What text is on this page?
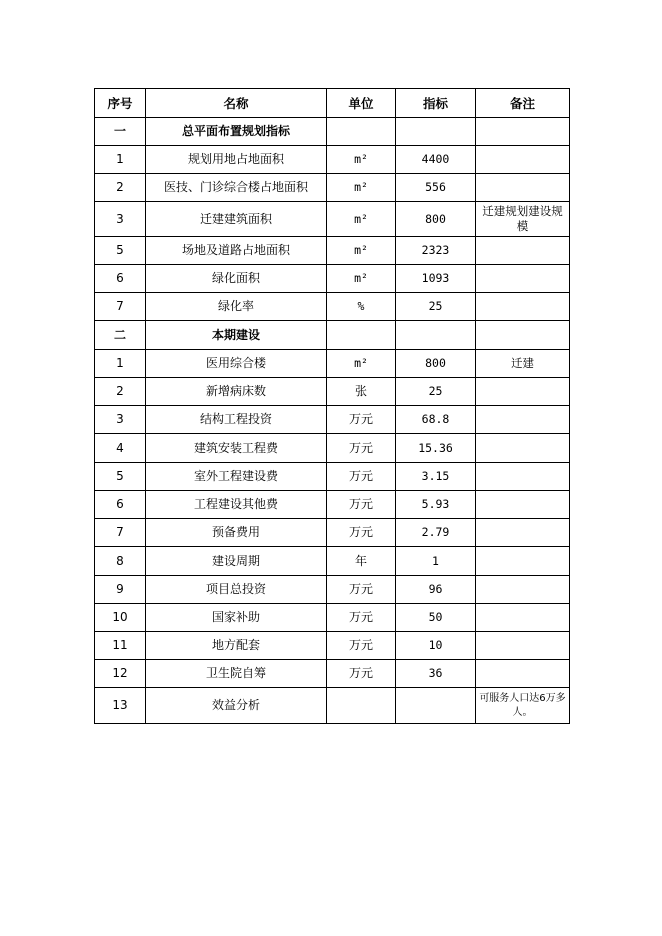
序号	名称	单位	指标	备注
一	总平面布置规划指标			
1	规划用地占地面积	m²	4400	
2	医技、门诊综合楼占地面积	m²	556	
3	迁建建筑面积	m²	800	迁建规划建设规模
5	场地及道路占地面积	m²	2323	
6	绿化面积	m²	1093	
7	绿化率	%	25	
二	本期建设			
1	医用综合楼	m²	800	迁建
2	新增病床数	张	25	
3	结构工程投资	万元	68.8	
4	建筑安装工程费	万元	15.36	
5	室外工程建设费	万元	3.15	
6	工程建设其他费	万元	5.93	
7	预备费用	万元	2.79	
8	建设周期	年	1	
9	项目总投资	万元	96	
10	国家补助	万元	50	
11	地方配套	万元	10	
12	卫生院自筹	万元	36	
13	效益分析			可服务人口达6万多人。
